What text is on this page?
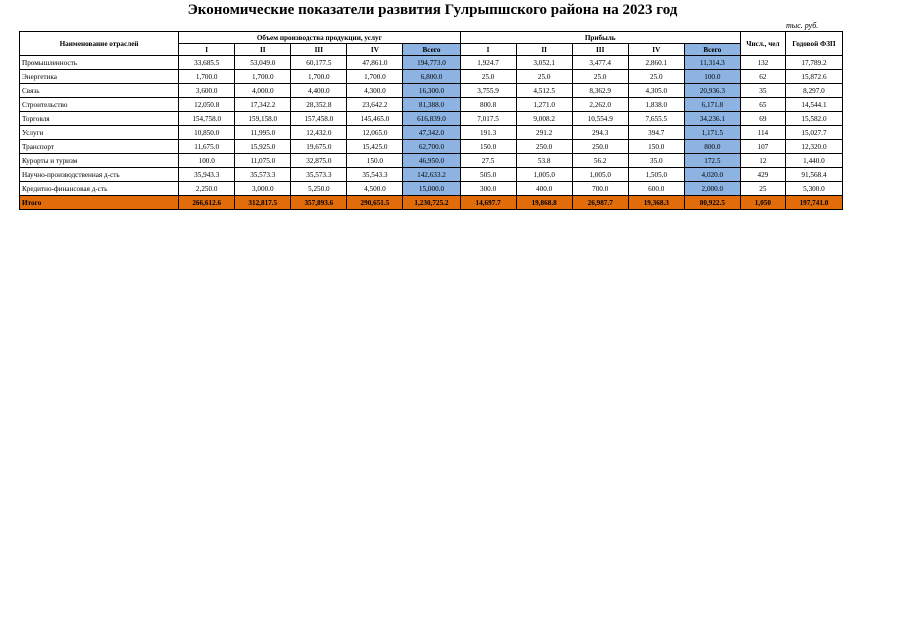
Экономические показатели развития Гулрыпшского района на 2023 год
тыс. руб.
Наименование отраслей	Объем производства продукции, услуг					Прибыль					Числ., чел	Годовой ФЗП
	I	II	III	IV	Всего	I	II	III	IV	Всего		
Промышленность	33,685.5	53,049.0	60,177.5	47,861.0	194,773.0	1,924.7	3,052.1	3,477.4	2,860.1	11,314.3	132	17,789.2
Энергетика	1,700.0	1,700.0	1,700.0	1,700.0	6,800.0	25.0	25.0	25.0	25.0	100.0	62	15,872.6
Связь	3,600.0	4,000.0	4,400.0	4,300.0	16,300.0	3,755.9	4,512.5	8,362.9	4,305.0	20,936.3	35	8,297.0
Строительство	12,050.8	17,342.2	28,352.8	23,642.2	81,388.0	800.8	1,271.0	2,262.0	1,838.0	6,171.8	65	14,544.1
Торговля	154,758.0	159,158.0	157,458.0	145,465.0	616,839.0	7,017.5	9,008.2	10,554.9	7,655.5	34,236.1	69	15,582.0
Услуги	10,850.0	11,995.0	12,432.0	12,065.0	47,342.0	191.3	291.2	294.3	394.7	1,171.5	114	15,027.7
Транспорт	11,675.0	15,925.0	19,675.0	15,425.0	62,700.0	150.0	250.0	250.0	150.0	800.0	107	12,320.0
Курорты и туризм	100.0	11,075.0	32,875.0	150.0	46,950.0	27.5	53.8	56.2	35.0	172.5	12	1,440.0
Научно-производственная д-сть	35,943.3	35,573.3	35,573.3	35,543.3	142,633.2	505.0	1,005.0	1,005.0	1,505.0	4,020.0	429	91,568.4
Кредитно-финансовая д-сть	2,250.0	3,000.0	5,250.0	4,500.0	15,000.0	300.0	400.0	700.0	600.0	2,000.0	25	5,300.0
Итого	266,612.6	312,817.5	357,893.6	290,651.5	1,230,725.2	14,697.7	19,868.8	26,987.7	19,368.3	80,922.5	1,050	197,741.0
